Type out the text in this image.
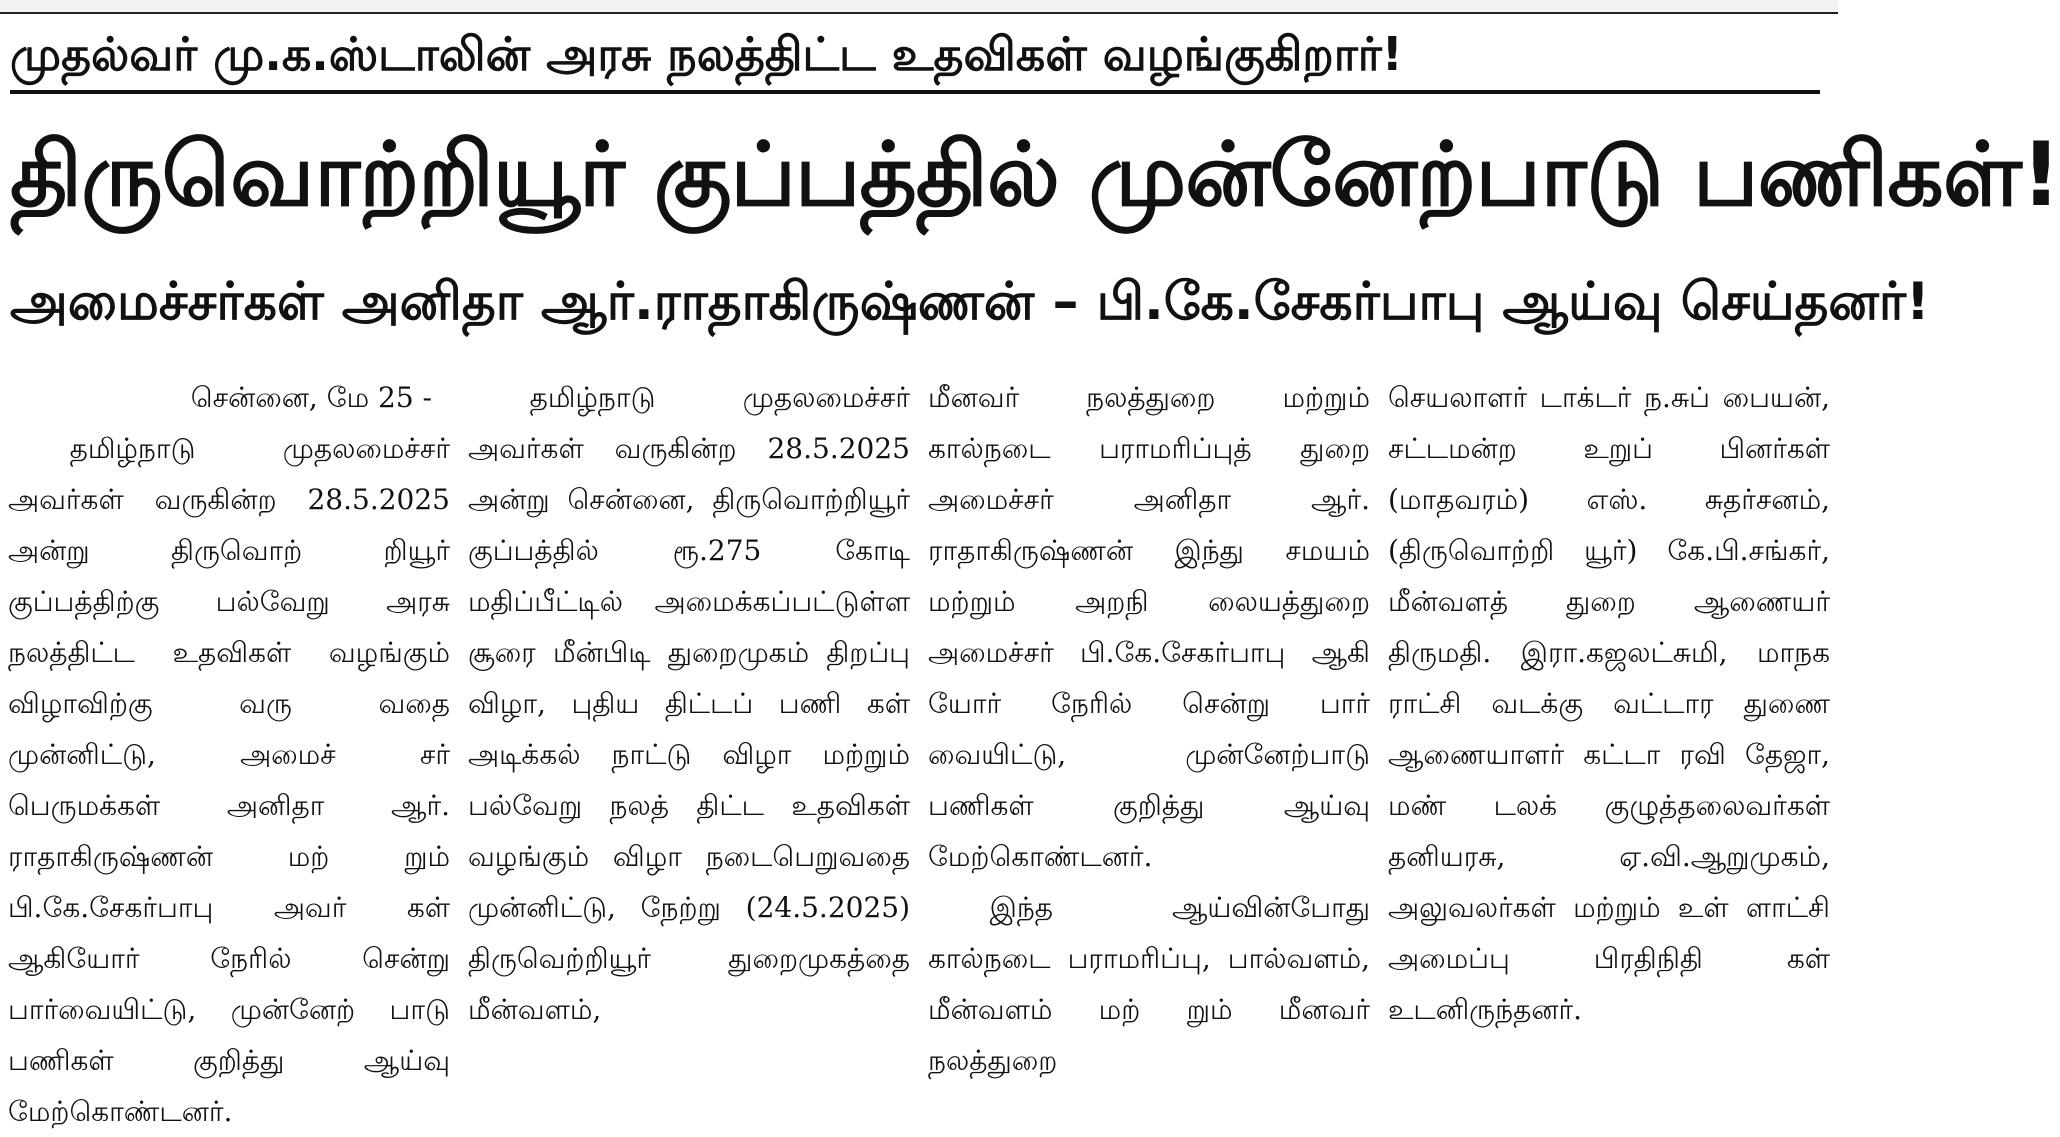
முதல்வர் மு.க.ஸ்டாலின் அரசு நலத்திட்ட உதவிகள் வழங்குகிறார்!
திருவொற்றியூர் குப்பத்தில் முன்னேற்பாடு பணிகள்!
அமைச்சர்கள் அனிதா ஆர்.ராதாகிருஷ்ணன் – பி.கே.சேகர்பாபு ஆய்வு செய்தனர்!

சென்னை, மே 25 -

தமிழ்நாடு முதலமைச்சர் அவர்கள் வருகின்ற 28.5.2025 அன்று திருவொற் றியூர் குப்பத்திற்கு பல்வேறு அரசு நலத்திட்ட உதவிகள் வழங்கும் விழாவிற்கு வரு வதை முன்னிட்டு, அமைச் சர் பெருமக்கள் அனிதா ஆர். ராதாகிருஷ்ணன் மற் றும் பி.கே.சேகர்பாபு அவர் கள் ஆகியோர் நேரில் சென்று பார்வையிட்டு, முன்னேற் பாடு பணிகள் குறித்து ஆய்வு மேற்கொண்டனர்.

தமிழ்நாடு முதலமைச்சர் அவர்கள் வருகின்ற 28.5.2025 அன்று சென்னை, திருவொற்றியூர் குப்பத்தில் ரூ.275 கோடி மதிப்பீட்டில் அமைக்கப்பட்டுள்ள சூரை மீன்பிடி துறைமுகம் திறப்பு விழா, புதிய திட்டப் பணி கள் அடிக்கல் நாட்டு விழா மற்றும் பல்வேறு நலத் திட்ட உதவிகள் வழங்கும் விழா நடைபெறுவதை முன்னிட்டு, நேற்று (24.5.2025) திருவெற்றியூர் துறைமுகத்தை மீன்வளம்,

மீனவர் நலத்துறை மற்றும் கால்நடை பராமரிப்புத் துறை அமைச்சர் அனிதா ஆர். ராதாகிருஷ்ணன் இந்து சமயம் மற்றும் அறநி லையத்துறை அமைச்சர் பி.கே.சேகர்பாபு ஆகி யோர் நேரில் சென்று பார் வையிட்டு, முன்னேற்பாடு பணிகள் குறித்து ஆய்வு மேற்கொண்டனர்.

இந்த ஆய்வின்போது கால்நடை பராமரிப்பு, பால்வளம், மீன்வளம் மற் றும் மீனவர் நலத்துறை

செயலாளர் டாக்டர் ந.சுப் பையன், சட்டமன்ற உறுப் பினர்கள் (மாதவரம்) எஸ். சுதர்சனம், (திருவொற்றி யூர்) கே.பி.சங்கர், மீன்வளத் துறை ஆணையர் திருமதி. இரா.கஜலட்சுமி, மாநக ராட்சி வடக்கு வட்டார துணை ஆணையாளர் கட்டா ரவி தேஜா, மண் டலக் குழுத்தலைவர்கள் தனியரசு, ஏ.வி.ஆறுமுகம், அலுவலர்கள் மற்றும் உள் ளாட்சி அமைப்பு பிரதிநிதி கள் உடனிருந்தனர்.
